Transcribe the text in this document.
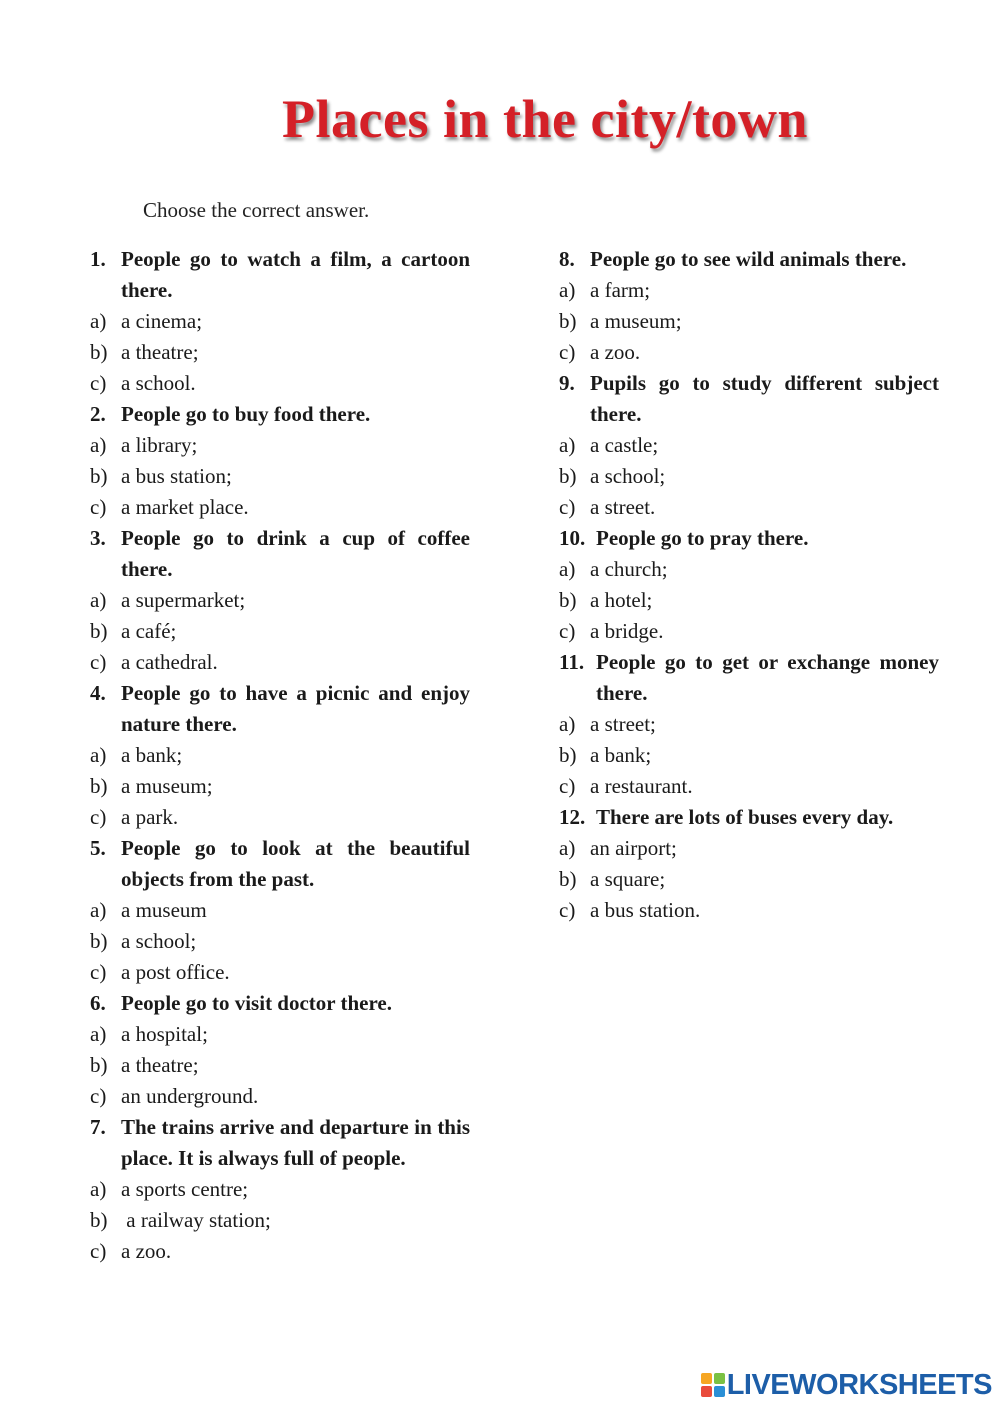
Places in the city/town
Choose the correct answer.
1. People go to watch a film, a cartoon there.
a) a cinema;
b) a theatre;
c) a school.
2. People go to buy food there.
a) a library;
b) a bus station;
c) a market place.
3. People go to drink a cup of coffee there.
a) a supermarket;
b) a café;
c) a cathedral.
4. People go to have a picnic and enjoy nature there.
a) a bank;
b) a museum;
c) a park.
5. People go to look at the beautiful objects from the past.
a) a museum
b) a school;
c) a post office.
6. People go to visit doctor there.
a) a hospital;
b) a theatre;
c) an underground.
7. The trains arrive and departure in this place. It is always full of people.
a) a sports centre;
b) a railway station;
c) a zoo.
8. People go to see wild animals there.
a) a farm;
b) a museum;
c) a zoo.
9. Pupils go to study different subject there.
a) a castle;
b) a school;
c) a street.
10. People go to pray there.
a) a church;
b) a hotel;
c) a bridge.
11. People go to get or exchange money there.
a) a street;
b) a bank;
c) a restaurant.
12. There are lots of buses every day.
a) an airport;
b) a square;
c) a bus station.
LIVEWORKSHEETS
